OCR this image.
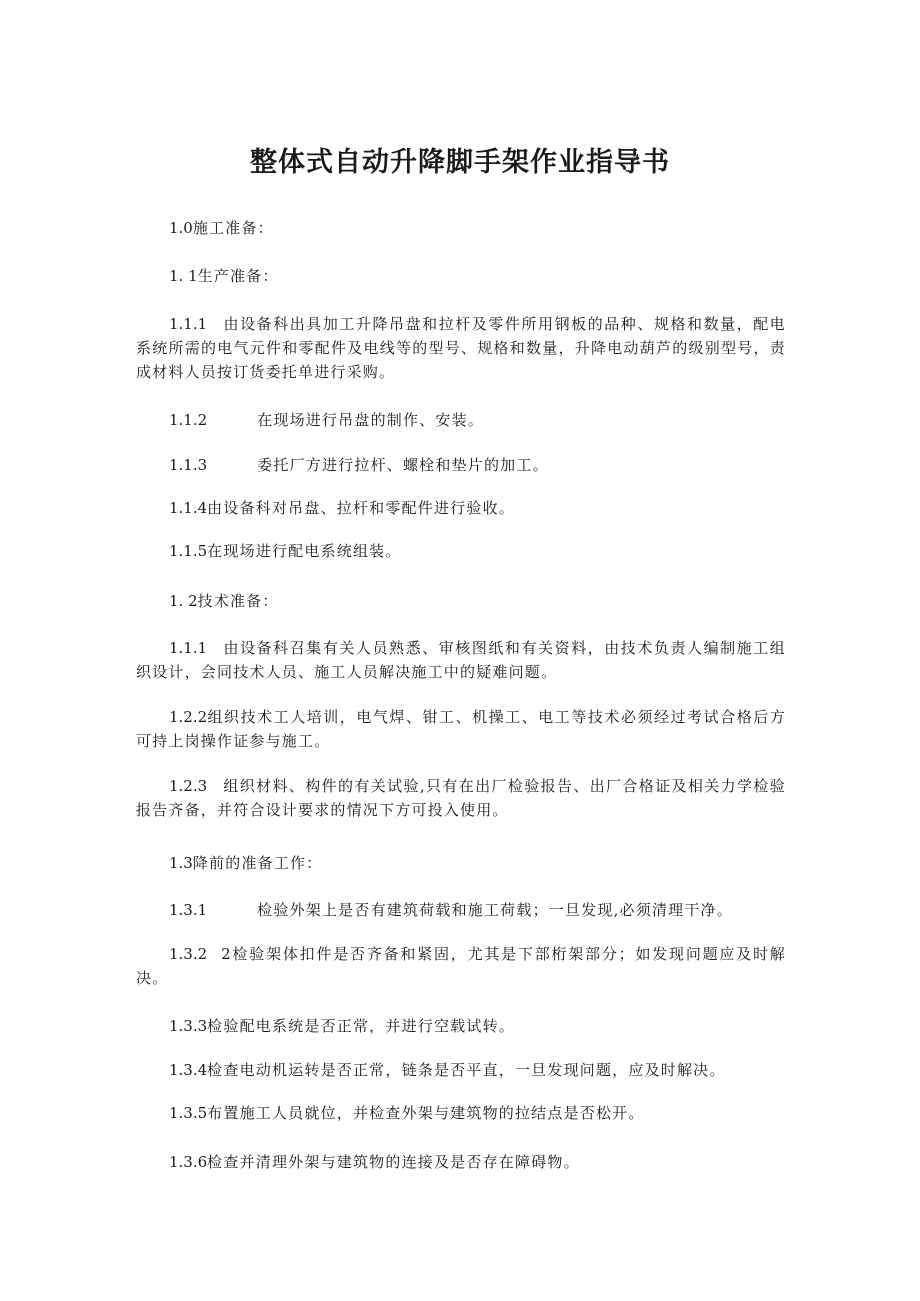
整体式自动升降脚手架作业指导书

1.0施工准备：

1. 1生产准备：

1.1.1 由设备科出具加工升降吊盘和拉杆及零件所用钢板的品种、规格和数量，配电系统所需的电气元件和零配件及电线等的型号、规格和数量，升降电动葫芦的级别型号，责成材料人员按订货委托单进行采购。

1.1.2	在现场进行吊盘的制作、安装。

1.1.3	委托厂方进行拉杆、螺栓和垫片的加工。

1.1.4由设备科对吊盘、拉杆和零配件进行验收。

1.1.5在现场进行配电系统组装。

1. 2技术准备：

1.1.1 由设备科召集有关人员熟悉、审核图纸和有关资料，由技术负责人编制施工组织设计，会同技术人员、施工人员解决施工中的疑难问题。

1.2.2组织技术工人培训，电气焊、钳工、机操工、电工等技术必须经过考试合格后方可持上岗操作证参与施工。

1.2.3 组织材料、构件的有关试验,只有在出厂检验报告、出厂合格证及相关力学检验报告齐备，并符合设计要求的情况下方可投入使用。

1.3降前的准备工作：

1.3.1	检验外架上是否有建筑荷载和施工荷载；一旦发现,必须清理干净。

1.3.2 2检验架体扣件是否齐备和紧固，尤其是下部桁架部分；如发现问题应及时解决。

1.3.3检验配电系统是否正常，并进行空载试转。

1.3.4检查电动机运转是否正常，链条是否平直，一旦发现问题，应及时解决。

1.3.5布置施工人员就位，并检查外架与建筑物的拉结点是否松开。

1.3.6检查并清理外架与建筑物的连接及是否存在障碍物。
